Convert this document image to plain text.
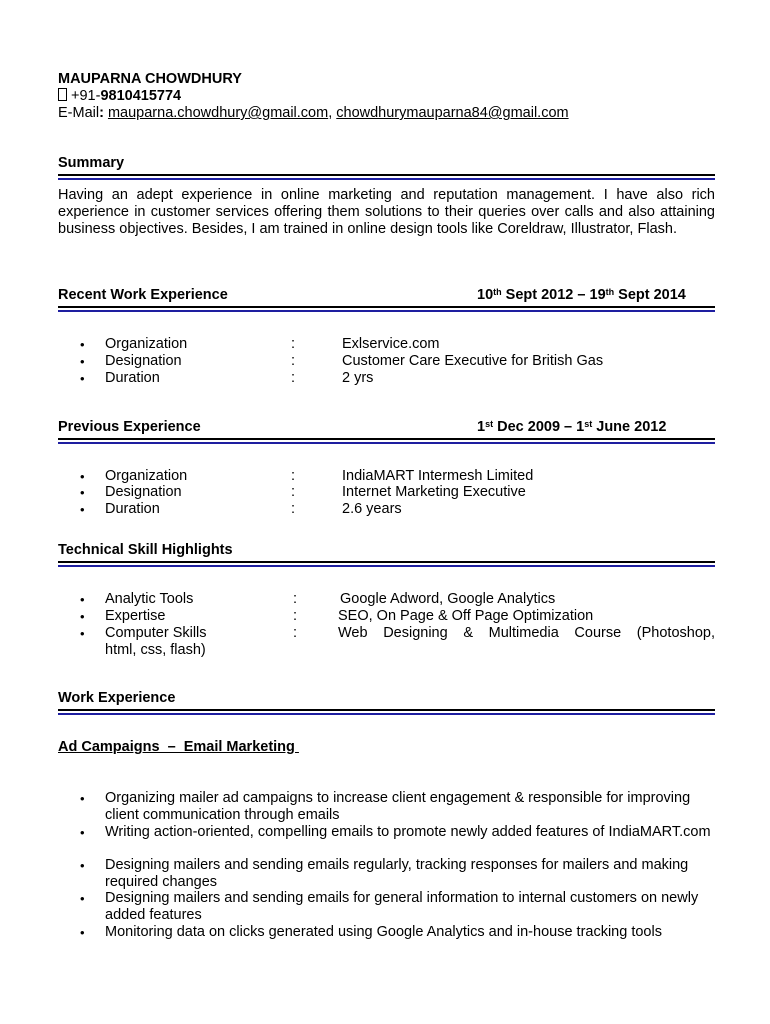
MAUPARNA CHOWDHURY
+91-9810415774
E-Mail: mauparna.chowdhury@gmail.com, chowdhurymauparna84@gmail.com
Summary
Having an adept experience in online marketing and reputation management. I have also rich experience in customer services offering them solutions to their queries over calls and also attaining business objectives. Besides, I am trained in online design tools like Coreldraw, Illustrator, Flash.
Recent Work Experience	10th Sept 2012 – 19th Sept 2014
• Organization	:	Exlservice.com
• Designation	:	Customer Care Executive for British Gas
• Duration	:	2 yrs
Previous Experience	1st Dec 2009 – 1st June 2012
• Organization	:	IndiaMART Intermesh Limited
• Designation	:	Internet Marketing Executive
• Duration	:	2.6 years
Technical Skill Highlights
• Analytic Tools	:	Google Adword, Google Analytics
• Expertise	:	SEO, On Page & Off Page Optimization
• Computer Skills	:	Web Designing & Multimedia Course (Photoshop,
html, css, flash)
Work Experience
Ad Campaigns  –  Email Marketing
• Organizing mailer ad campaigns to increase client engagement & responsible for improving client communication through emails
• Writing action-oriented, compelling emails to promote newly added features of IndiaMART.com
• Designing mailers and sending emails regularly, tracking responses for mailers and making required changes
• Designing mailers and sending emails for general information to internal customers on newly added features
• Monitoring data on clicks generated using Google Analytics and in-house tracking tools
